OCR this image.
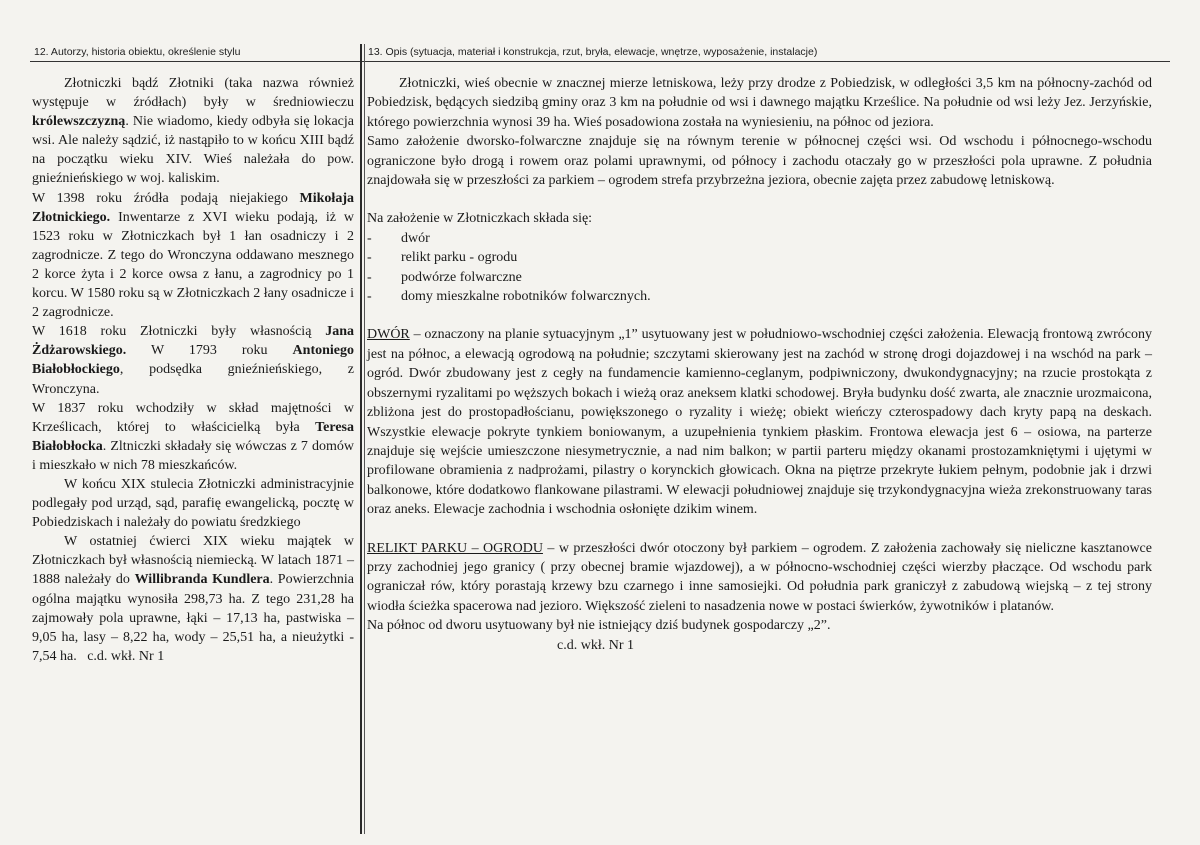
12. Autorzy, historia obiektu, określenie stylu	13. Opis (sytuacja, materiał i konstrukcja, rzut, bryła, elewacje, wnętrze, wyposażenie, instalacje)

Złotniczki bądź Złotniki (taka nazwa również występuje w źródłach) były w średniowieczu królewszczyzną. Nie wiadomo, kiedy odbyła się lokacja wsi. Ale należy sądzić, iż nastąpiło to w końcu XIII bądź na początku wieku XIV. Wieś należała do pow. gnieźnieńskiego w woj. kaliskim.

W 1398 roku źródła podają niejakiego Mikołaja Złotnickiego. Inwentarze z XVI wieku podają, iż w 1523 roku w Złotniczkach był 1 łan osadniczy i 2 zagrodnicze. Z tego do Wronczyna oddawano mesznego 2 korce żyta i 2 korce owsa z łanu, a zagrodnicy po 1 korcu. W 1580 roku są w Złotniczkach 2 łany osadnicze i 2 zagrodnicze.

W 1618 roku Złotniczki były własnością Jana Żdżarowskiego. W 1793 roku Antoniego Białobłockiego, podsędka gnieźnieńskiego, z Wronczyna.

W 1837 roku wchodziły w skład majętności w Krześlicach, której to właścicielką była Teresa Białobłocka. Zltniczki składały się wówczas z 7 domów i mieszkało w nich 78 mieszkańców.

W końcu XIX stulecia Złotniczki administracyjnie podlegały pod urząd, sąd, parafię ewangelicką, pocztę w Pobiedziskach i należały do powiatu średzkiego

W ostatniej ćwierci XIX wieku majątek w Złotniczkach był własnością niemiecką. W latach 1871 – 1888 należały do Willibranda Kundlera. Powierzchnia ogólna majątku wynosiła 298,73 ha. Z tego 231,28 ha zajmowały pola uprawne, łąki – 17,13 ha, pastwiska – 9,05 ha, lasy – 8,22 ha, wody – 25,51 ha, a nieużytki - 7,54 ha. c.d. wkł. Nr 1

Złotniczki, wieś obecnie w znacznej mierze letniskowa, leży przy drodze z Pobiedzisk, w odległości 3,5 km na północny-zachód od Pobiedzisk, będących siedzibą gminy oraz 3 km na południe od wsi i dawnego majątku Krześlice. Na południe od wsi leży Jez. Jerzyńskie, którego powierzchnia wynosi 39 ha. Wieś posadowiona została na wyniesieniu, na północ od jeziora.

Samo założenie dworsko-folwarczne znajduje się na równym terenie w północnej części wsi. Od wschodu i północnego-wschodu ograniczone było drogą i rowem oraz polami uprawnymi, od północy i zachodu otaczały go w przeszłości pola uprawne. Z południa znajdowała się w przeszłości za parkiem – ogrodem strefa przybrzeżna jeziora, obecnie zajęta przez zabudowę letniskową.

Na założenie w Złotniczkach składa się:

-	dwór
-	relikt parku - ogrodu
-	podwórze folwarczne
-	domy mieszkalne robotników folwarcznych.

DWÓR – oznaczony na planie sytuacyjnym „1” usytuowany jest w południowo-wschodniej części założenia. Elewacją frontową zwrócony jest na północ, a elewacją ogrodową na południe; szczytami skierowany jest na zachód w stronę drogi dojazdowej i na wschód na park – ogród. Dwór zbudowany jest z cegły na fundamencie kamienno-ceglanym, podpiwniczony, dwukondygnacyjny; na rzucie prostokąta z obszernymi ryzalitami po węższych bokach i wieżą oraz aneksem klatki schodowej. Bryła budynku dość zwarta, ale znacznie urozmaicona, zbliżona jest do prostopadłościanu, powiększonego o ryzality i wieżę; obiekt wieńczy czterospadowy dach kryty papą na deskach. Wszystkie elewacje pokryte tynkiem boniowanym, a uzupełnienia tynkiem płaskim. Frontowa elewacja jest 6 – osiowa, na parterze znajduje się wejście umieszczone niesymetrycznie, a nad nim balkon; w partii parteru między okanami prostozamkniętymi i ujętymi w profilowane obramienia z nadprożami, pilastry o korynckich głowicach. Okna na piętrze przekryte łukiem pełnym, podobnie jak i drzwi balkonowe, które dodatkowo flankowane pilastrami. W elewacji południowej znajduje się trzykondygnacyjna wieża zrekonstruowany taras oraz aneks. Elewacje zachodnia i wschodnia osłonięte dzikim winem.

RELIKT PARKU – OGRODU – w przeszłości dwór otoczony był parkiem – ogrodem. Z założenia zachowały się nieliczne kasztanowce przy zachodniej jego granicy ( przy obecnej bramie wjazdowej), a w północno-wschodniej części wierzby płaczące. Od wschodu park ograniczał rów, który porastają krzewy bzu czarnego i inne samosiejki. Od południa park graniczył z zabudową wiejską – z tej strony wiodła ścieżka spacerowa nad jezioro. Większość zieleni to nasadzenia nowe w postaci świerków, żywotników i platanów.

Na północ od dworu usytuowany był nie istniejący dziś budynek gospodarczy „2”.

c.d. wkł. Nr 1
